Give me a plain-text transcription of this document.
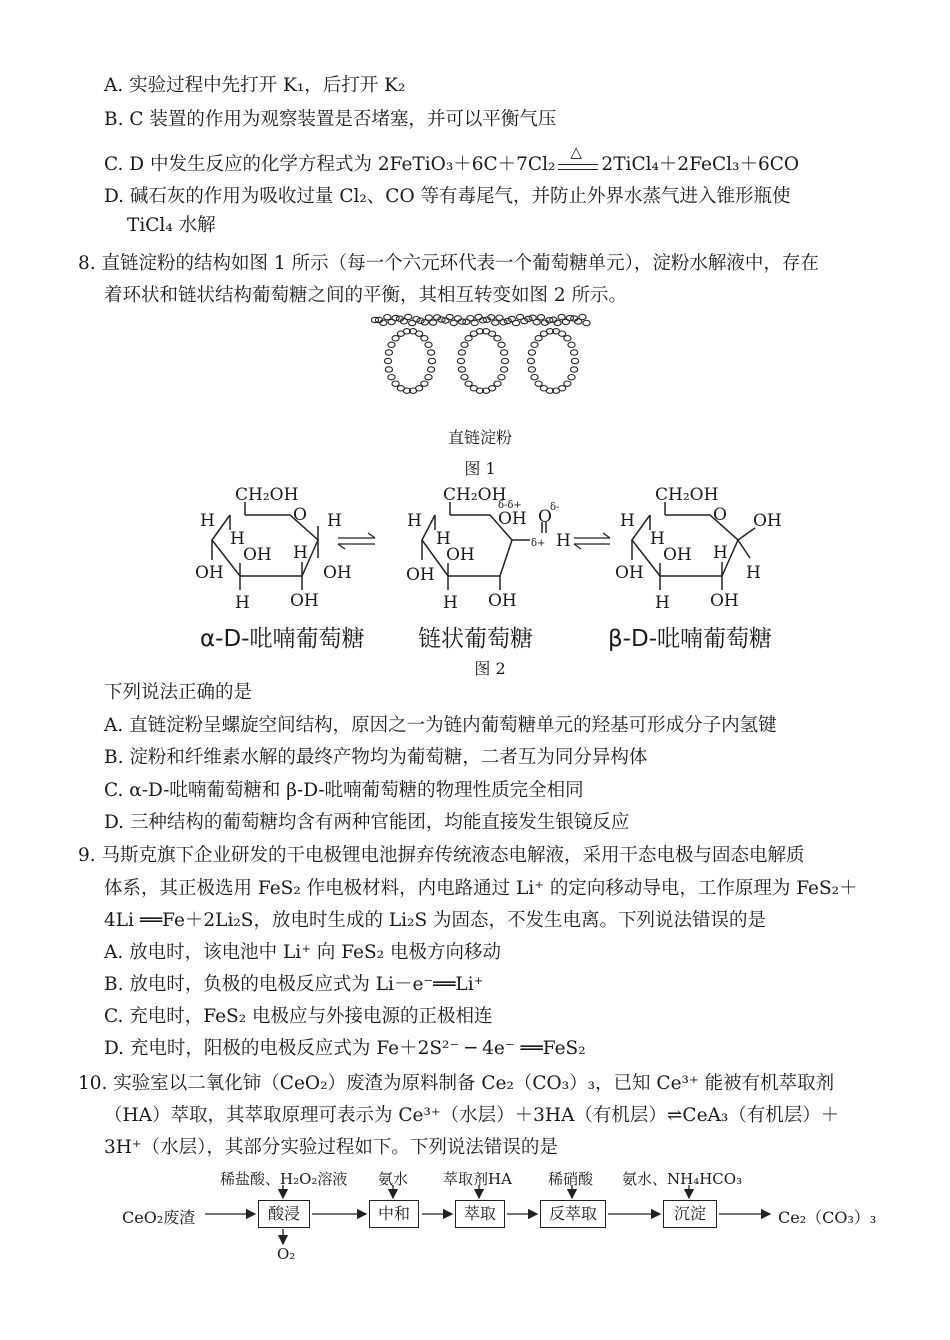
A. 实验过程中先打开 K₁，后打开 K₂
B. C 装置的作用为观察装置是否堵塞，并可以平衡气压
C. D 中发生反应的化学方程式为 2FeTiO₃＋6C＋7Cl₂
△
2TiCl₄＋2FeCl₃＋6CO
D. 碱石灰的作用为吸收过量 Cl₂、CO 等有毒尾气，并防止外界水蒸气进入锥形瓶使
TiCl₄ 水解
8. 直链淀粉的结构如图 1 所示（每一个六元环代表一个葡萄糖单元），淀粉水解液中，存在
着环状和链状结构葡萄糖之间的平衡，其相互转变如图 2 所示。
直链淀粉
图 1
CH₂OH
O
H
H
OH
OH
H OH
H
H
OH
CH₂OH
δ-δ+
OH
δ-
O
δ+ H
H
H
OH
OH
H OH
CH₂OH
O
H
H
OH
OH
H OH
H
OH
H
α-D-吡喃葡萄糖 链状葡萄糖	β-D-吡喃葡萄糖
图 2
下列说法正确的是
A. 直链淀粉呈螺旋空间结构，原因之一为链内葡萄糖单元的羟基可形成分子内氢键
B. 淀粉和纤维素水解的最终产物均为葡萄糖，二者互为同分异构体
C. α-D-吡喃葡萄糖和 β-D-吡喃葡萄糖的物理性质完全相同
D. 三种结构的葡萄糖均含有两种官能团，均能直接发生银镜反应
9. 马斯克旗下企业研发的干电极锂电池摒弃传统液态电解液，采用干态电极与固态电解质
体系，其正极选用 FeS₂ 作电极材料，内电路通过 Li⁺ 的定向移动导电，工作原理为 FeS₂＋
4Li ══Fe＋2Li₂S，放电时生成的 Li₂S 为固态，不发生电离。下列说法错误的是
A. 放电时，该电池中 Li⁺ 向 FeS₂ 电极方向移动
B. 放电时，负极的电极反应式为 Li－e⁻══Li⁺
C. 充电时，FeS₂ 电极应与外接电源的正极相连
D. 充电时，阳极的电极反应式为 Fe＋2S²⁻ ─ 4e⁻ ══FeS₂
10. 实验室以二氧化铈（CeO₂）废渣为原料制备 Ce₂（CO₃）₃，已知 Ce³⁺ 能被有机萃取剂
（HA）萃取，其萃取原理可表示为 Ce³⁺（水层）＋3HA（有机层）⇌CeA₃（有机层）＋
3H⁺（水层），其部分实验过程如下。下列说法错误的是
稀盐酸、H₂O₂溶液 氨水 萃取剂HA 稀硝酸 氨水、NH₄HCO₃
CeO₂废渣	酸浸	中和	萃取	反萃取	沉淀	Ce₂（CO₃）₃
O₂
